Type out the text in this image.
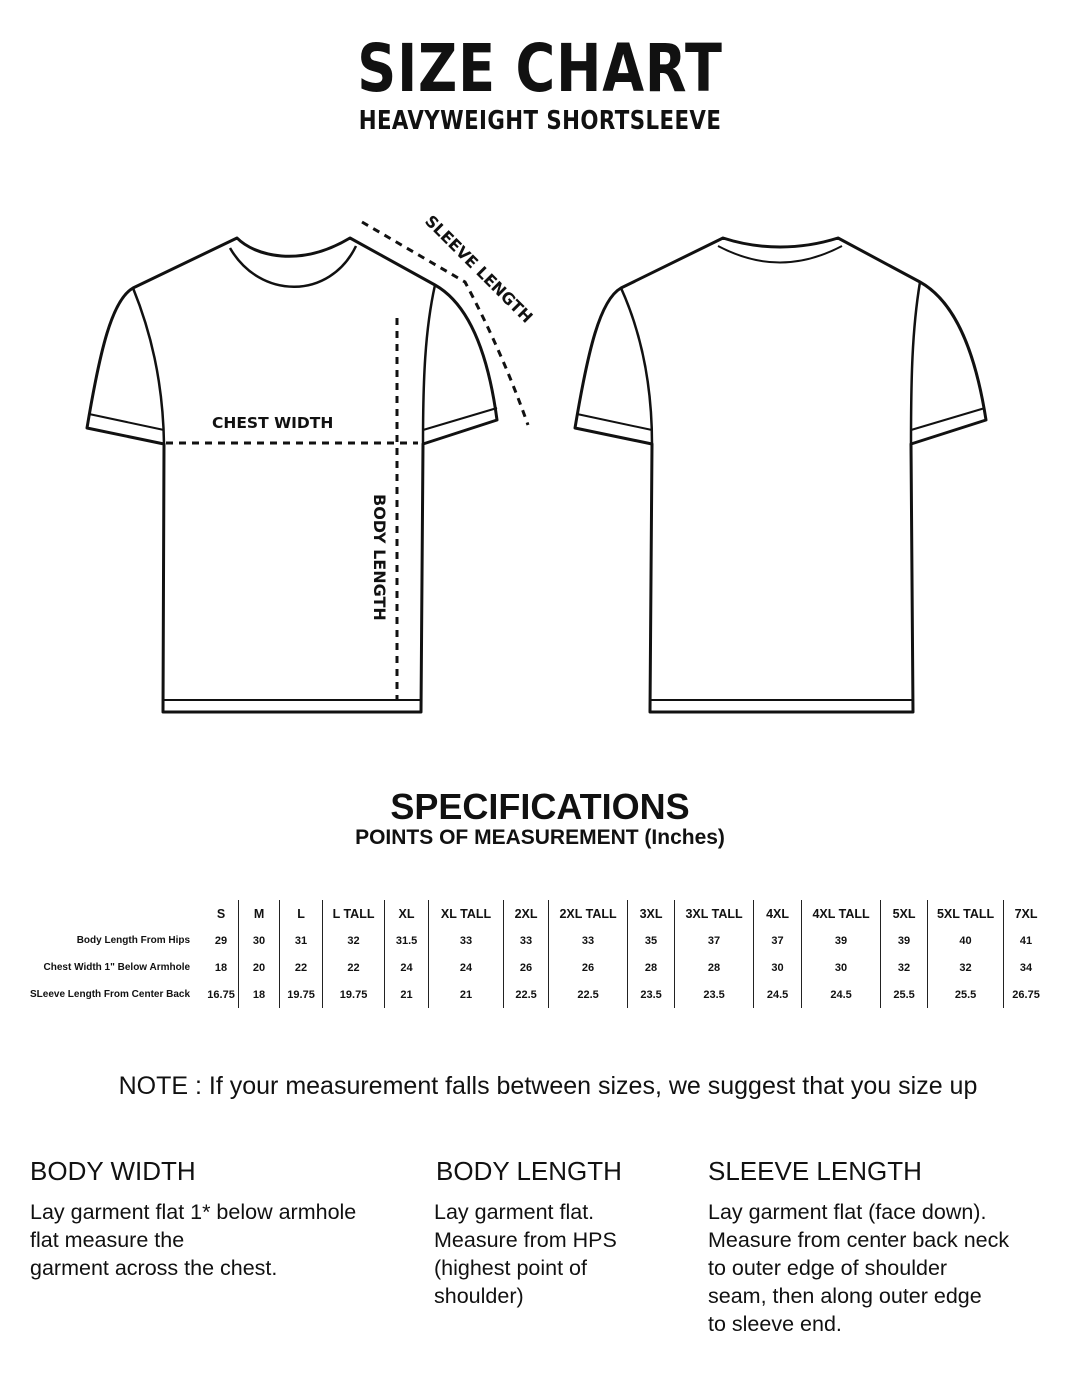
SIZE CHART
HEAVYWEIGHT SHORTSLEEVE
SLEEVE LENGTH
CHEST WIDTH
BODY LENGTH
SPECIFICATIONS
POINTS OF MEASUREMENT (Inches)
	S	M	L	L TALL	XL	XL TALL	2XL	2XL TALL	3XL	3XL TALL	4XL	4XL TALL	5XL	5XL TALL	7XL
Body Length From Hips	29	30	31	32	31.5	33	33	33	35	37	37	39	39	40	41
Chest Width 1" Below Armhole	18	20	22	22	24	24	26	26	28	28	30	30	32	32	34
SLeeve Length From Center Back	16.75	18	19.75	19.75	21	21	22.5	22.5	23.5	23.5	24.5	24.5	25.5	25.5	26.75
NOTE : If your measurement falls between sizes, we suggest that you size up
BODY WIDTH
Lay garment flat 1* below armhole
flat measure the
garment across the chest.
BODY LENGTH
Lay garment flat.
Measure from HPS
(highest point of
shoulder)
SLEEVE LENGTH
Lay garment flat (face down).
Measure from center back neck
to outer edge of shoulder
seam, then along outer edge
to sleeve end.
